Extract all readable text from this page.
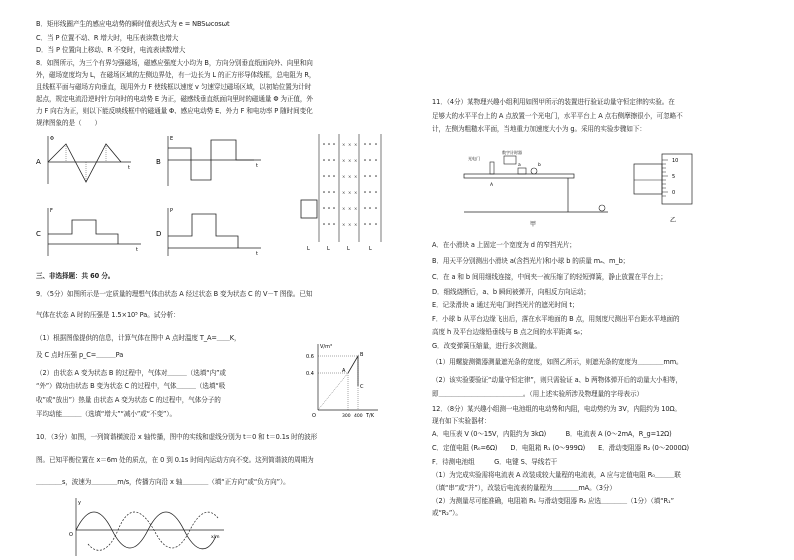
B．矩形线圈产生的感应电动势的瞬时值表达式为 e = NBSωcosωt
C．当 P 位置不动、R 增大时，电压表读数也增大
D．当 P 位置向上移动、R 不变时，电流表读数增大
8．如图所示，为三个有界匀强磁场，磁感应强度大小均为 B，方向分别垂直纸面向外、向里和向
外，磁场宽度均为 L，在磁场区域的左侧边界处，有一边长为 L 的正方形导体线框，总电阻为 R，
且线框平面与磁场方向垂直，现用外力 F 使线框以速度 v 匀速穿过磁场区域，以初始位置为计时
起点，规定电流沿逆时针方向时的电动势 E 为正，磁感线垂直纸面向里时的磁通量 Φ 为正值，外
力 F 向右为正，则以下能反映线框中的磁通量 Φ、感应电动势 E、外力 F 和电功率 P 随时间变化
规律图象的是（　　）
A
Φ
t
B
E
t
× × ×
× × ×
× × ×
× × ×
× × ×
× × ×
L	L	L	L
C
F
t
D
P
t
三、非选择题：共 60 分。
9．（5分）如图所示是一定质量的理想气体由状态 A 经过状态 B 变为状态 C 的 V－T 图像。已知
气体在状态 A 时的压强是 1.5×10⁵ Pa。试分析：
（1）根据图像提供的信息，计算气体在图中 A 点时温度 T_A=＿＿K，
及 C 点时压强 p_C=＿＿＿Pa
（2）由状态 A 变为状态 B 的过程中，气体对＿＿＿（选填“内”或
“外”）做功由状态 B 变为状态 C 的过程中，气体＿＿＿（选填“吸
收”或“放出”）热量 由状态 A 变为状态 C 的过程中，气体分子的
平均动能＿＿＿（选填“增大”“减小”或“不变”）。
V/m³
T/K
0.6
0.4
O	300 400
A
B
C
10．（3分）如图，一列简谐横波沿 x 轴传播，图中的实线和虚线分别为 t＝0 和 t＝0.1s 时的波形
图。已知平衡位置在 x＝6m 处的质点，在 0 到 0.1s 时间内运动方向不变。这列简谐波的周期为
＿＿＿＿s，波速为＿＿＿＿m/s，传播方向沿 x 轴＿＿＿＿（填“正方向”或“负方向”）。
y
x/m
O
11．（4分）某物理兴趣小组利用如图甲所示的装置进行验证动量守恒定律的实验。在
足够大的水平平台上的 A 点放置一个光电门，水平平台上 A 点右侧摩擦很小，可忽略不
计，左侧为粗糙水平面，当地重力加速度大小为 g。采用的实验步骤如下：
光电门
数字计时器
a	b
A
甲
10
5
0
乙
A．在小滑块 a 上固定一个宽度为 d 的窄挡光片；
B．用天平分别测出小滑块 a(含挡光片)和小球 b 的质量 mₐ、m_b；
C．在 a 和 b 间用细线连接，中间夹一被压缩了的轻短弹簧，静止放置在平台上；
D．细线烧断后，a、b 瞬间被弹开，向相反方向运动；
E．记录滑块 a 通过光电门时挡光片的遮光时间 t；
F．小球 b 从平台边缘飞出后，落在水平地面的 B 点，用刻度尺测出平台距水平地面的
高度 h 及平台边缘铅垂线与 B 点之间的水平距离 sᵦ；
G．改变弹簧压缩量，进行多次测量。
（1）用螺旋测微器测量遮光条的宽度，如图乙所示，则遮光条的宽度为＿＿＿＿mm。
（2）该实验要验证“动量守恒定律”，则只需验证 a、b 两物体弹开后的动量大小相等，
即＿＿＿＿＿＿＿＿＿＿＿＿＿。（用上述实验所涉及物理量的字母表示）
12．（8分）某兴趣小组测一电池组的电动势和内阻，电动势约为 3V，内阻约为 10Ω。
现有如下实验器材：
A．电压表 V (0～15V，内阻约为 3kΩ)　　　B．电流表 A (0～2mA，R_g=12Ω)
C．定值电阻 (R₀=6Ω)　　D．电阻箱 R₁ (0～999Ω)　　E．滑动变阻器 R₂ (0～2000Ω)
F．待测电池组　　　G．电键 S、导线若干
（1）为完成实验需将电流表 A 改装成较大量程的电流表，A 应与定值电阻 R₀＿＿＿联
（填“串”或“并”），改装后电流表的量程为＿＿＿＿mA。（3分）
（2）为测量尽可能准确，电阻箱 R₁ 与滑动变阻器 R₂ 应选＿＿＿＿（1分）（填“R₁”
或“R₂”）。
